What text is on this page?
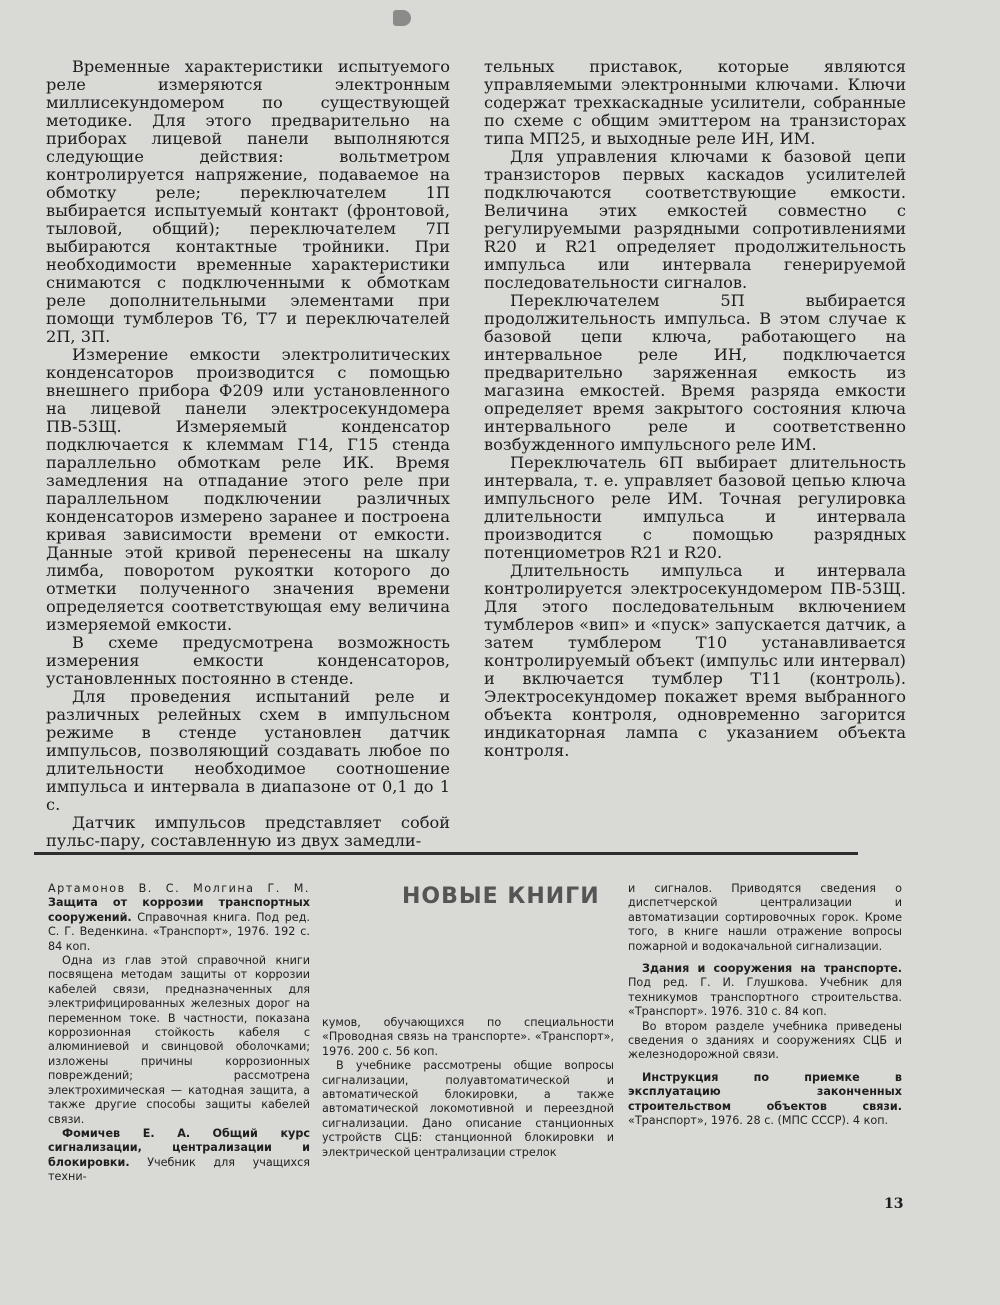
Временные характеристики испытуемого реле измеряются электронным миллисекундомером по существующей методике. Для этого предварительно на приборах лицевой панели выполняются следующие действия: вольтметром контролируется напряжение, подаваемое на обмотку реле; переключателем 1П выбирается испытуемый контакт (фронтовой, тыловой, общий); переключателем 7П выбираются контактные тройники. При необходимости временные характеристики снимаются с подключенными к обмоткам реле дополнительными элементами при помощи тумблеров Т6, Т7 и переключателей 2П, 3П.

Измерение емкости электролитических конденсаторов производится с помощью внешнего прибора Ф209 или установленного на лицевой панели электросекундомера ПВ-53Щ. Измеряемый конденсатор подключается к клеммам Г14, Г15 стенда параллельно обмоткам реле ИК. Время замедления на отпадание этого реле при параллельном подключении различных конденсаторов измерено заранее и построена кривая зависимости времени от емкости. Данные этой кривой перенесены на шкалу лимба, поворотом рукоятки которого до отметки полученного значения времени определяется соответствующая ему величина измеряемой емкости.

В схеме предусмотрена возможность измерения емкости конденсаторов, установленных постоянно в стенде.

Для проведения испытаний реле и различных релейных схем в импульсном режиме в стенде установлен датчик импульсов, позволяющий создавать любое по длительности необходимое соотношение импульса и интервала в диапазоне от 0,1 до 1 с.

Датчик импульсов представляет собой пульс-пару, составленную из двух замедли-

тельных приставок, которые являются управляемыми электронными ключами. Ключи содержат трехкаскадные усилители, собранные по схеме с общим эмиттером на транзисторах типа МП25, и выходные реле ИН, ИМ.

Для управления ключами к базовой цепи транзисторов первых каскадов усилителей подключаются соответствующие емкости. Величина этих емкостей совместно с регулируемыми разрядными сопротивлениями R20 и R21 определяет продолжительность импульса или интервала генерируемой последовательности сигналов.

Переключателем 5П выбирается продолжительность импульса. В этом случае к базовой цепи ключа, работающего на интервальное реле ИН, подключается предварительно заряженная емкость из магазина емкостей. Время разряда емкости определяет время закрытого состояния ключа интервального реле и соответственно возбужденного импульсного реле ИМ.

Переключатель 6П выбирает длительность интервала, т. е. управляет базовой цепью ключа импульсного реле ИМ. Точная регулировка длительности импульса и интервала производится с помощью разрядных потенциометров R21 и R20.

Длительность импульса и интервала контролируется электросекундомером ПВ-53Щ. Для этого последовательным включением тумблеров «вип» и «пуск» запускается датчик, а затем тумблером Т10 устанавливается контролируемый объект (импульс или интервал) и включается тумблер Т11 (контроль). Электросекундомер покажет время выбранного объекта контроля, одновременно загорится индикаторная лампа с указанием объекта контроля.

НОВЫЕ КНИГИ

Артамонов В. С. Молгина Г. М. Защита от коррозии транспортных сооружений. Справочная книга. Под ред. С. Г. Веденкина. «Транспорт», 1976. 192 с. 84 коп.

Одна из глав этой справочной книги посвящена методам защиты от коррозии кабелей связи, предназначенных для электрифицированных железных дорог на переменном токе. В частности, показана коррозионная стойкость кабеля с алюминиевой и свинцовой оболочками; изложены причины коррозионных повреждений; рассмотрена электрохимическая — катодная защита, а также другие способы защиты кабелей связи.

Фомичев Е. А. Общий курс сигнализации, централизации и блокировки. Учебник для учащихся техни-

кумов, обучающихся по специальности «Проводная связь на транспорте». «Транспорт», 1976. 200 с. 56 коп.

В учебнике рассмотрены общие вопросы сигнализации, полуавтоматической и автоматической блокировки, а также автоматической локомотивной и переездной сигнализации. Дано описание станционных устройств СЦБ: станционной блокировки и электрической централизации стрелок

и сигналов. Приводятся сведения о диспетчерской централизации и автоматизации сортировочных горок. Кроме того, в книге нашли отражение вопросы пожарной и водокачальной сигнализации.

Здания и сооружения на транспорте. Под ред. Г. И. Глушкова. Учебник для техникумов транспортного строительства. «Транспорт». 1976. 310 с. 84 коп.

Во втором разделе учебника приведены сведения о зданиях и сооружениях СЦБ и железнодорожной связи.

Инструкция по приемке в эксплуатацию законченных строительством объектов связи. «Транспорт», 1976. 28 с. (МПС СССР). 4 коп.

13
